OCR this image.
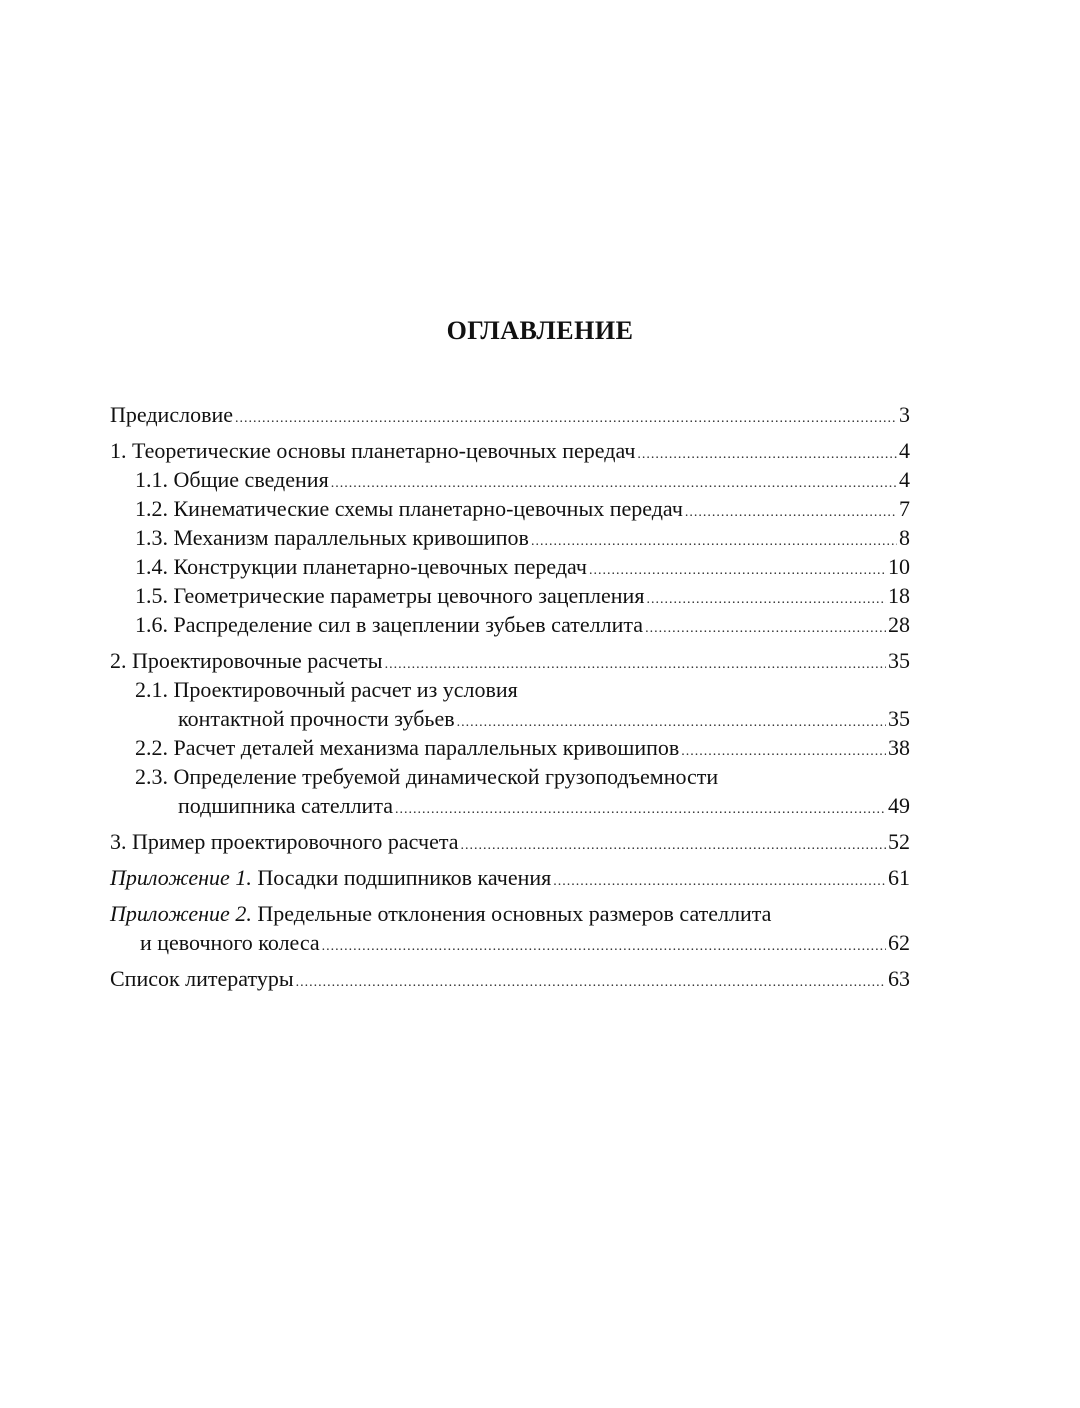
ОГЛАВЛЕНИЕ
Предисловие .....	3
1. Теоретические основы планетарно-цевочных передач .....	4
1.1. Общие сведения .....	4
1.2. Кинематические схемы планетарно-цевочных передач .....	7
1.3. Механизм параллельных кривошипов .....	8
1.4. Конструкции планетарно-цевочных передач .....	10
1.5. Геометрические параметры цевочного зацепления .....	18
1.6. Распределение сил в зацеплении зубьев сателлита .....	28
2. Проектировочные расчеты .....	35
2.1. Проектировочный расчет из условия
контактной прочности зубьев .....	35
2.2. Расчет деталей механизма параллельных кривошипов .....	38
2.3. Определение требуемой динамической грузоподъемности
подшипника сателлита .....	49
3. Пример проектировочного расчета .....	52
Приложение 1. Посадки подшипников качения .....	61
Приложение 2. Предельные отклонения основных размеров сателлита
и цевочного колеса .....	62
Список литературы .....	63
